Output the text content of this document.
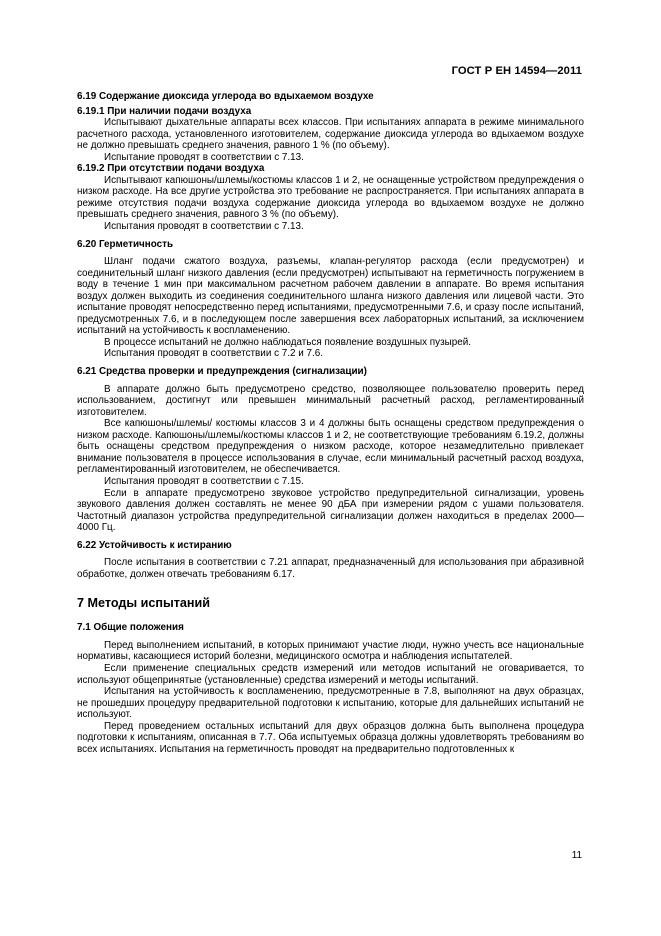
ГОСТ Р ЕН 14594—2011
6.19 Содержание диоксида углерода во вдыхаемом воздухе
6.19.1 При наличии подачи воздуха

Испытывают дыхательные аппараты всех классов. При испытаниях аппарата в режиме минимального расчетного расхода, установленного изготовителем, содержание диоксида углерода во вдыхаемом воздухе не должно превышать среднего значения, равного 1 % (по объему).

Испытание проводят в соответствии с 7.13.

6.19.2 При отсутствии подачи воздуха

Испытывают капюшоны/шлемы/костюмы классов 1 и 2, не оснащенные устройством предупреждения о низком расходе. На все другие устройства это требование не распространяется. При испытаниях аппарата в режиме отсутствия подачи воздуха содержание диоксида углерода во вдыхаемом воздухе не должно превышать среднего значения, равного 3 % (по объему).

Испытания проводят в соответствии с 7.13.

6.20 Герметичность

Шланг подачи сжатого воздуха, разъемы, клапан-регулятор расхода (если предусмотрен) и соединительный шланг низкого давления (если предусмотрен) испытывают на герметичность погружением в воду в течение 1 мин при максимальном расчетном рабочем давлении в аппарате. Во время испытания воздух должен выходить из соединения соединительного шланга низкого давления или лицевой части. Это испытание проводят непосредственно перед испытаниями, предусмотренными 7.6, и сразу после испытаний, предусмотренных 7.6, и в последующем после завершения всех лабораторных испытаний, за исключением испытаний на устойчивость к воспламенению.

В процессе испытаний не должно наблюдаться появление воздушных пузырей.

Испытания проводят в соответствии с 7.2 и 7.6.

6.21 Средства проверки и предупреждения (сигнализации)

В аппарате должно быть предусмотрено средство, позволяющее пользователю проверить перед использованием, достигнут или превышен минимальный расчетный расход, регламентированный изготовителем.

Все капюшоны/шлемы/ костюмы классов 3 и 4 должны быть оснащены средством предупреждения о низком расходе. Капюшоны/шлемы/костюмы классов 1 и 2, не соответствующие требованиям 6.19.2, должны быть оснащены средством предупреждения о низком расходе, которое незамедлительно привлекает внимание пользователя в процессе использования в случае, если минимальный расчетный расход воздуха, регламентированный изготовителем, не обеспечивается.

Испытания проводят в соответствии с 7.15.

Если в аппарате предусмотрено звуковое устройство предупредительной сигнализации, уровень звукового давления должен составлять не менее 90 дБА при измерении рядом с ушами пользователя. Частотный диапазон устройства предупредительной сигнализации должен находиться в пределах 2000—4000 Гц.

6.22 Устойчивость к истиранию

После испытания в соответствии с 7.21 аппарат, предназначенный для использования при абразивной обработке, должен отвечать требованиям 6.17.

7 Методы испытаний
7.1 Общие положения

Перед выполнением испытаний, в которых принимают участие люди, нужно учесть все национальные нормативы, касающиеся историй болезни, медицинского осмотра и наблюдения испытателей.

Если применение специальных средств измерений или методов испытаний не оговаривается, то используют общепринятые (установленные) средства измерений и методы испытаний.

Испытания на устойчивость к воспламенению, предусмотренные в 7.8, выполняют на двух образцах, не прошедших процедуру предварительной подготовки к испытанию, которые для дальнейших испытаний не используют.

Перед проведением остальных испытаний для двух образцов должна быть выполнена процедура подготовки к испытаниям, описанная в 7.7. Оба испытуемых образца должны удовлетворять требованиям во всех испытаниях. Испытания на герметичность проводят на предварительно подготовленных к

11
